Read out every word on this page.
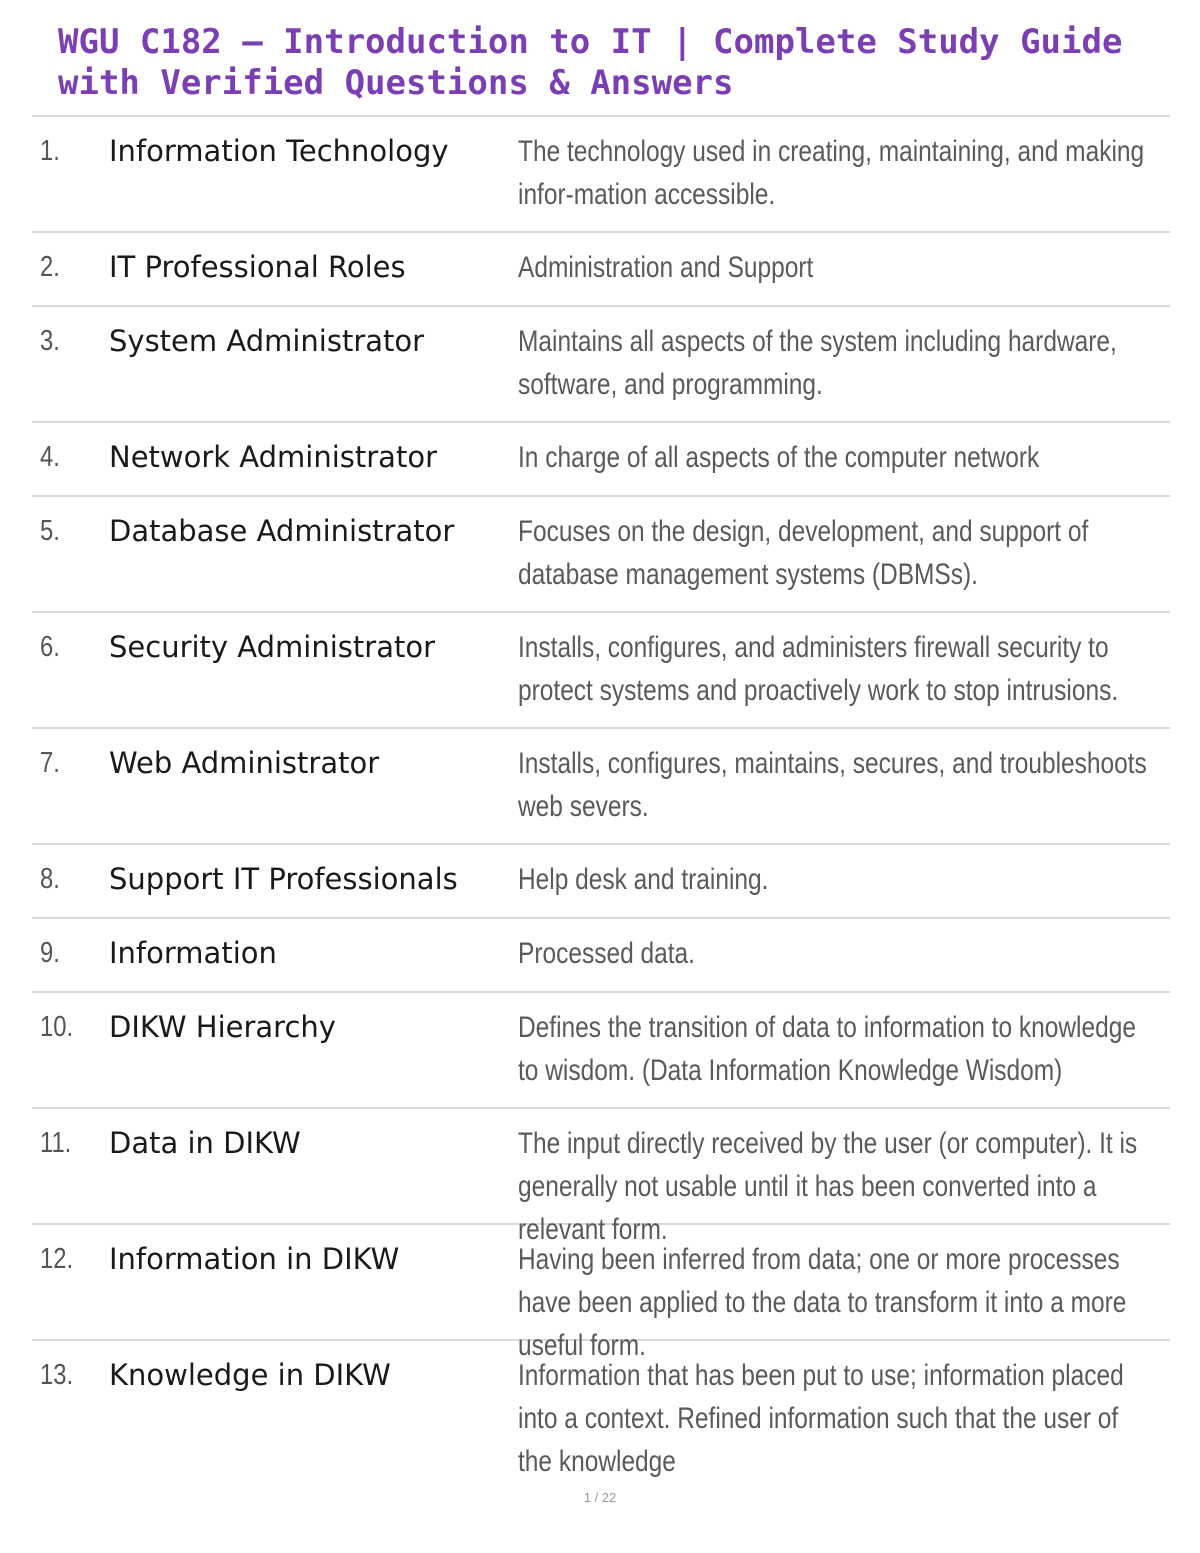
WGU C182 – Introduction to IT | Complete Study Guide with Verified Questions & Answers
1. Information Technology	The technology used in creating, maintaining, and making infor-mation accessible.
2. IT Professional Roles	Administration and Support
3. System Administrator	Maintains all aspects of the system including hardware, software, and programming.
4. Network Administrator	In charge of all aspects of the computer network
5. Database Administrator	Focuses on the design, development, and support of database management systems (DBMSs).
6. Security Administrator	Installs, configures, and administers firewall security to protect systems and proactively work to stop intrusions.
7. Web Administrator	Installs, configures, maintains, secures, and troubleshoots web severs.
8. Support IT Professionals	Help desk and training.
9. Information	Processed data.
10. DIKW Hierarchy	Defines the transition of data to information to knowledge to wisdom. (Data Information Knowledge Wisdom)
11. Data in DIKW	The input directly received by the user (or computer). It is generally not usable until it has been converted into a relevant form.
12. Information in DIKW	Having been inferred from data; one or more processes have been applied to the data to transform it into a more useful form.
13. Knowledge in DIKW	Information that has been put to use; information placed into a context. Refined information such that the user of the knowledge
1 / 22
